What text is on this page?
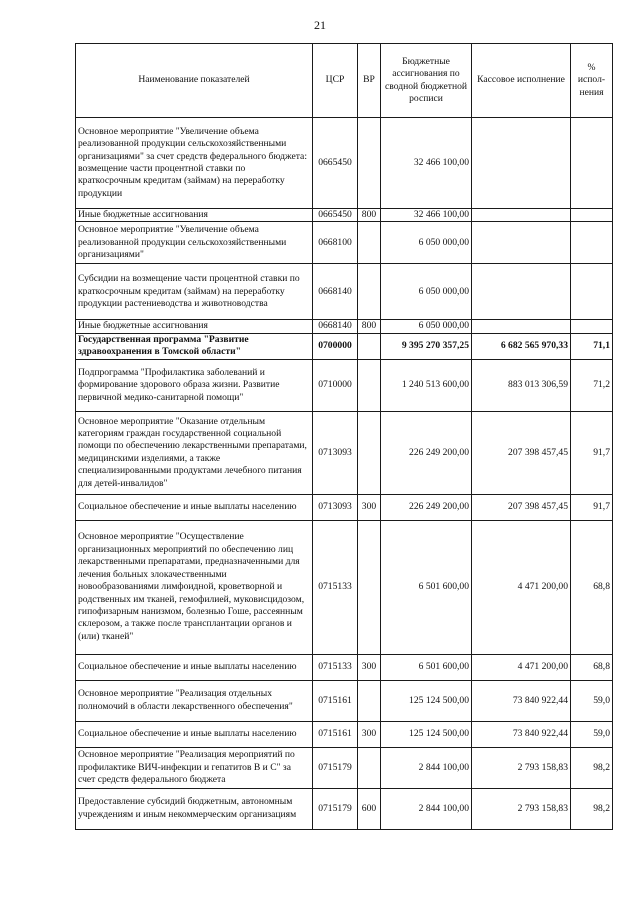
21
Наименование показателей	ЦСР	ВР	Бюджетные ассигнования по сводной бюджетной росписи	Кассовое исполнение	% испол- нения
Основное мероприятие "Увеличение объема реализованной продукции сельскохозяйственными организациями" за счет средств федерального бюджета: возмещение части процентной ставки по краткосрочным кредитам (займам) на переработку продукции	0665450		32 466 100,00		
Иные бюджетные ассигнования	0665450	800	32 466 100,00		
Основное мероприятие "Увеличение объема реализованной продукции сельскохозяйственными организациями"	0668100		6 050 000,00		
Субсидии на возмещение части процентной ставки по краткосрочным кредитам (займам) на переработку продукции растениеводства и животноводства	0668140		6 050 000,00		
Иные бюджетные ассигнования	0668140	800	6 050 000,00		
Государственная программа "Развитие здравоохранения в Томской области"	0700000		9 395 270 357,25	6 682 565 970,33	71,1
Подпрограмма "Профилактика заболеваний и формирование здорового образа жизни. Развитие первичной медико-санитарной помощи"	0710000		1 240 513 600,00	883 013 306,59	71,2
Основное мероприятие "Оказание отдельным категориям граждан государственной социальной помощи по обеспечению лекарственными препаратами, медицинскими изделиями, а также специализированными продуктами лечебного питания для детей-инвалидов"	0713093		226 249 200,00	207 398 457,45	91,7
Социальное обеспечение и иные выплаты населению	0713093	300	226 249 200,00	207 398 457,45	91,7
Основное мероприятие "Осуществление организационных мероприятий по обеспечению лиц лекарственными препаратами, предназначенными для лечения больных злокачественными новообразованиями лимфоидной, кроветворной и родственных им тканей, гемофилией, муковисцидозом, гипофизарным нанизмом, болезнью Гоше, рассеянным склерозом, а также после трансплантации органов и (или) тканей"	0715133		6 501 600,00	4 471 200,00	68,8
Социальное обеспечение и иные выплаты населению	0715133	300	6 501 600,00	4 471 200,00	68,8
Основное мероприятие "Реализация отдельных полномочий в области лекарственного обеспечения"	0715161		125 124 500,00	73 840 922,44	59,0
Социальное обеспечение и иные выплаты населению	0715161	300	125 124 500,00	73 840 922,44	59,0
Основное мероприятие "Реализация мероприятий по профилактике ВИЧ-инфекции и гепатитов В и С" за счет средств федерального бюджета	0715179		2 844 100,00	2 793 158,83	98,2
Предоставление субсидий бюджетным, автономным учреждениям и иным некоммерческим организациям	0715179	600	2 844 100,00	2 793 158,83	98,2
